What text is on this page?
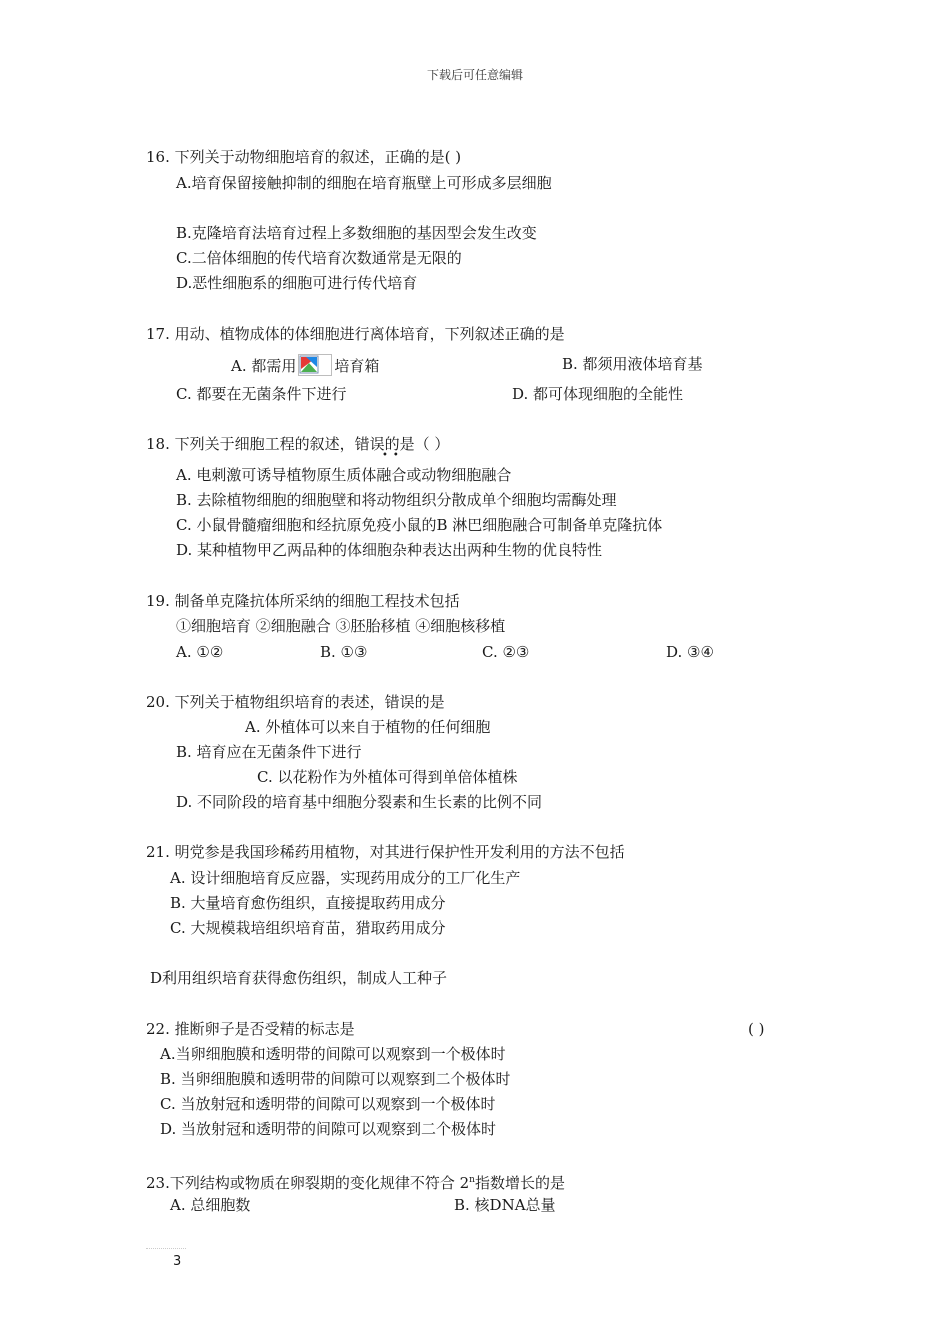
下载后可任意编辑
16. 下列关于动物细胞培育的叙述，正确的是( )
A.培育保留接触抑制的细胞在培育瓶壁上可形成多层细胞
B.克隆培育法培育过程上多数细胞的基因型会发生改变
C.二倍体细胞的传代培育次数通常是无限的
D.恶性细胞系的细胞可进行传代培育
17. 用动、植物成体的体细胞进行离体培育，下列叙述正确的是
A. 都需用	培育箱	B. 都须用液体培育基
C. 都要在无菌条件下进行	D. 都可体现细胞的全能性
18. 下列关于细胞工程的叙述，错误的是（ ）
••
A. 电刺激可诱导植物原生质体融合或动物细胞融合
B. 去除植物细胞的细胞壁和将动物组织分散成单个细胞均需酶处理
C. 小鼠骨髓瘤细胞和经抗原免疫小鼠的B 淋巴细胞融合可制备单克隆抗体
D. 某种植物甲乙两品种的体细胞杂种表达出两种生物的优良特性
19. 制备单克隆抗体所采纳的细胞工程技术包括
①细胞培育 ②细胞融合 ③胚胎移植 ④细胞核移植
A. ①②	B. ①③	C. ②③	D. ③④
20. 下列关于植物组织培育的表述，错误的是
A. 外植体可以来自于植物的任何细胞
B. 培育应在无菌条件下进行
C. 以花粉作为外植体可得到单倍体植株
D. 不同阶段的培育基中细胞分裂素和生长素的比例不同
21. 明党参是我国珍稀药用植物，对其进行保护性开发利用的方法不包括
A. 设计细胞培育反应器，实现药用成分的工厂化生产
B. 大量培育愈伤组织，直接提取药用成分
C. 大规模栽培组织培育苗，猎取药用成分
D利用组织培育获得愈伤组织，制成人工种子
22. 推断卵子是否受精的标志是	( )
A.当卵细胞膜和透明带的间隙可以观察到一个极体时
B. 当卵细胞膜和透明带的间隙可以观察到二个极体时
C. 当放射冠和透明带的间隙可以观察到一个极体时
D. 当放射冠和透明带的间隙可以观察到二个极体时
23.下列结构或物质在卵裂期的变化规律不符合 2$^n$指数增长的是
A. 总细胞数	B. 核DNA总量
3
